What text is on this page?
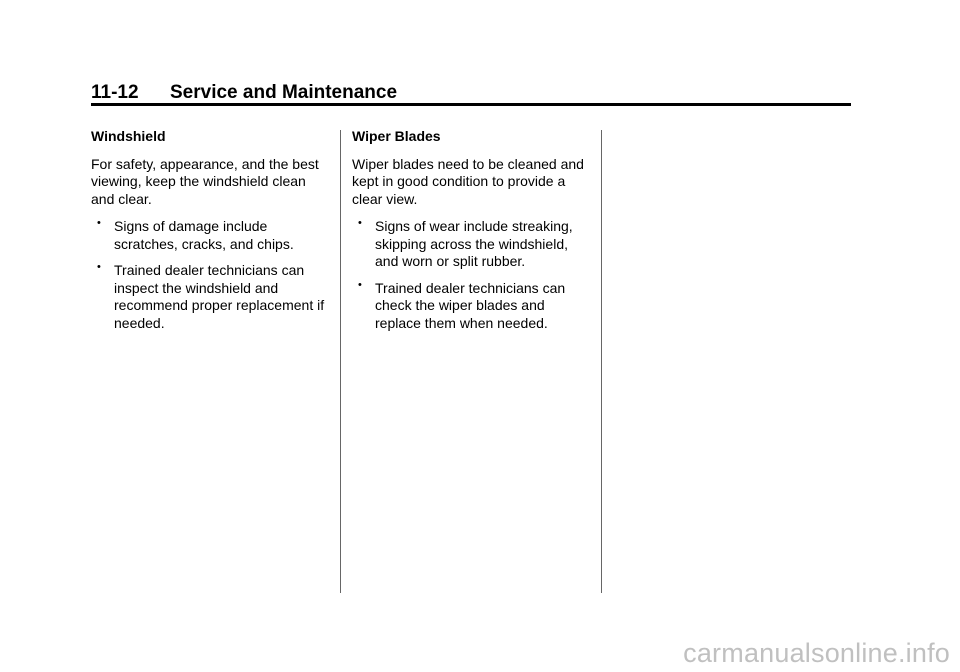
11-12 Service and Maintenance
Windshield

For safety, appearance, and the best viewing, keep the windshield clean and clear.

• Signs of damage include scratches, cracks, and chips.
• Trained dealer technicians can inspect the windshield and recommend proper replacement if needed.
Wiper Blades

Wiper blades need to be cleaned and kept in good condition to provide a clear view.

• Signs of wear include streaking, skipping across the windshield, and worn or split rubber.
• Trained dealer technicians can check the wiper blades and replace them when needed.
carmanualsonline.info
